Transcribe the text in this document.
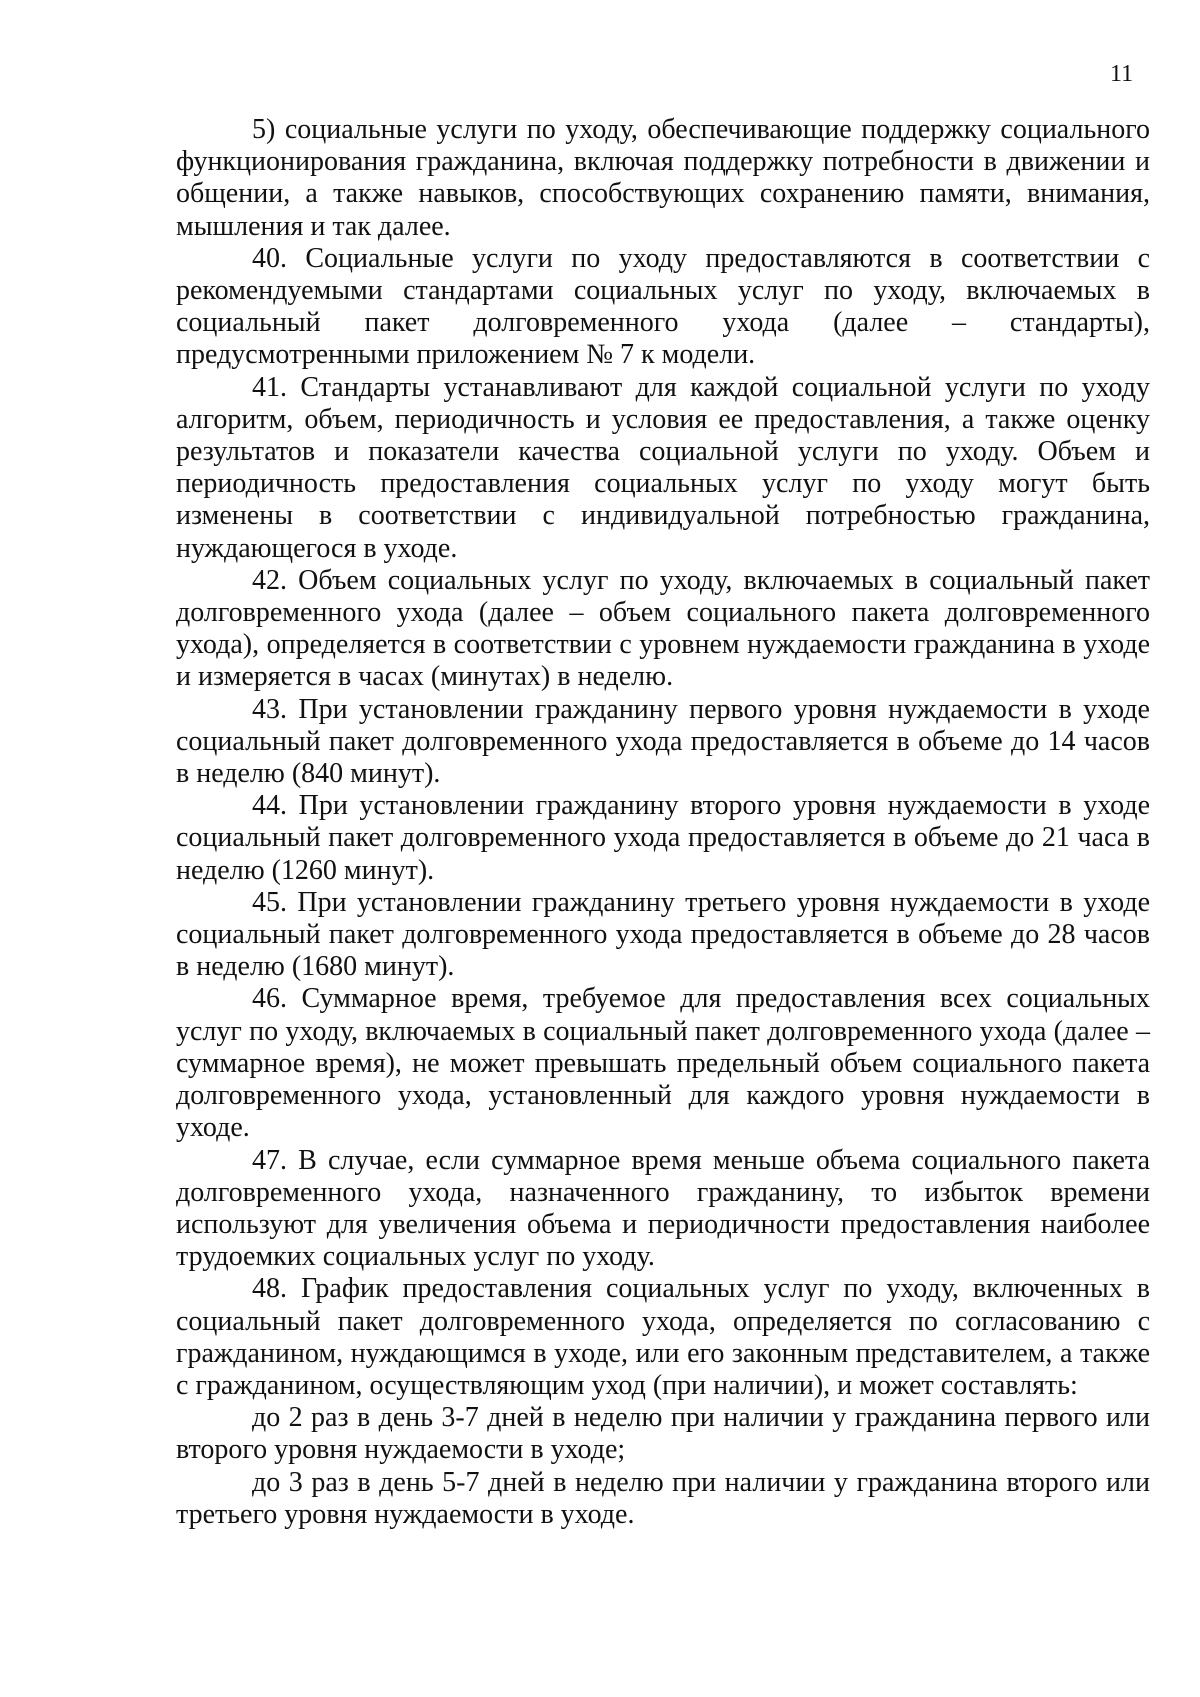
11

5) социальные услуги по уходу, обеспечивающие поддержку социального функционирования гражданина, включая поддержку потребности в движении и общении, а также навыков, способствующих сохранению памяти, внимания, мышления и так далее.

40. Социальные услуги по уходу предоставляются в соответствии с рекомендуемыми стандартами социальных услуг по уходу, включаемых в социальный пакет долговременного ухода (далее – стандарты), предусмотренными приложением № 7 к модели.

41. Стандарты устанавливают для каждой социальной услуги по уходу алгоритм, объем, периодичность и условия ее предоставления, а также оценку результатов и показатели качества социальной услуги по уходу. Объем и периодичность предоставления социальных услуг по уходу могут быть изменены в соответствии с индивидуальной потребностью гражданина, нуждающегося в уходе.

42. Объем социальных услуг по уходу, включаемых в социальный пакет долговременного ухода (далее – объем социального пакета долговременного ухода), определяется в соответствии с уровнем нуждаемости гражданина в уходе и измеряется в часах (минутах) в неделю.

43. При установлении гражданину первого уровня нуждаемости в уходе социальный пакет долговременного ухода предоставляется в объеме до 14 часов в неделю (840 минут).

44. При установлении гражданину второго уровня нуждаемости в уходе социальный пакет долговременного ухода предоставляется в объеме до 21 часа в неделю (1260 минут).

45. При установлении гражданину третьего уровня нуждаемости в уходе социальный пакет долговременного ухода предоставляется в объеме до 28 часов в неделю (1680 минут).

46. Суммарное время, требуемое для предоставления всех социальных услуг по уходу, включаемых в социальный пакет долговременного ухода (далее – суммарное время), не может превышать предельный объем социального пакета долговременного ухода, установленный для каждого уровня нуждаемости в уходе.

47. В случае, если суммарное время меньше объема социального пакета долговременного ухода, назначенного гражданину, то избыток времени используют для увеличения объема и периодичности предоставления наиболее трудоемких социальных услуг по уходу.

48. График предоставления социальных услуг по уходу, включенных в социальный пакет долговременного ухода, определяется по согласованию с гражданином, нуждающимся в уходе, или его законным представителем, а также с гражданином, осуществляющим уход (при наличии), и может составлять:

до 2 раз в день 3-7 дней в неделю при наличии у гражданина первого или второго уровня нуждаемости в уходе;

до 3 раз в день 5-7 дней в неделю при наличии у гражданина второго или третьего уровня нуждаемости в уходе.
